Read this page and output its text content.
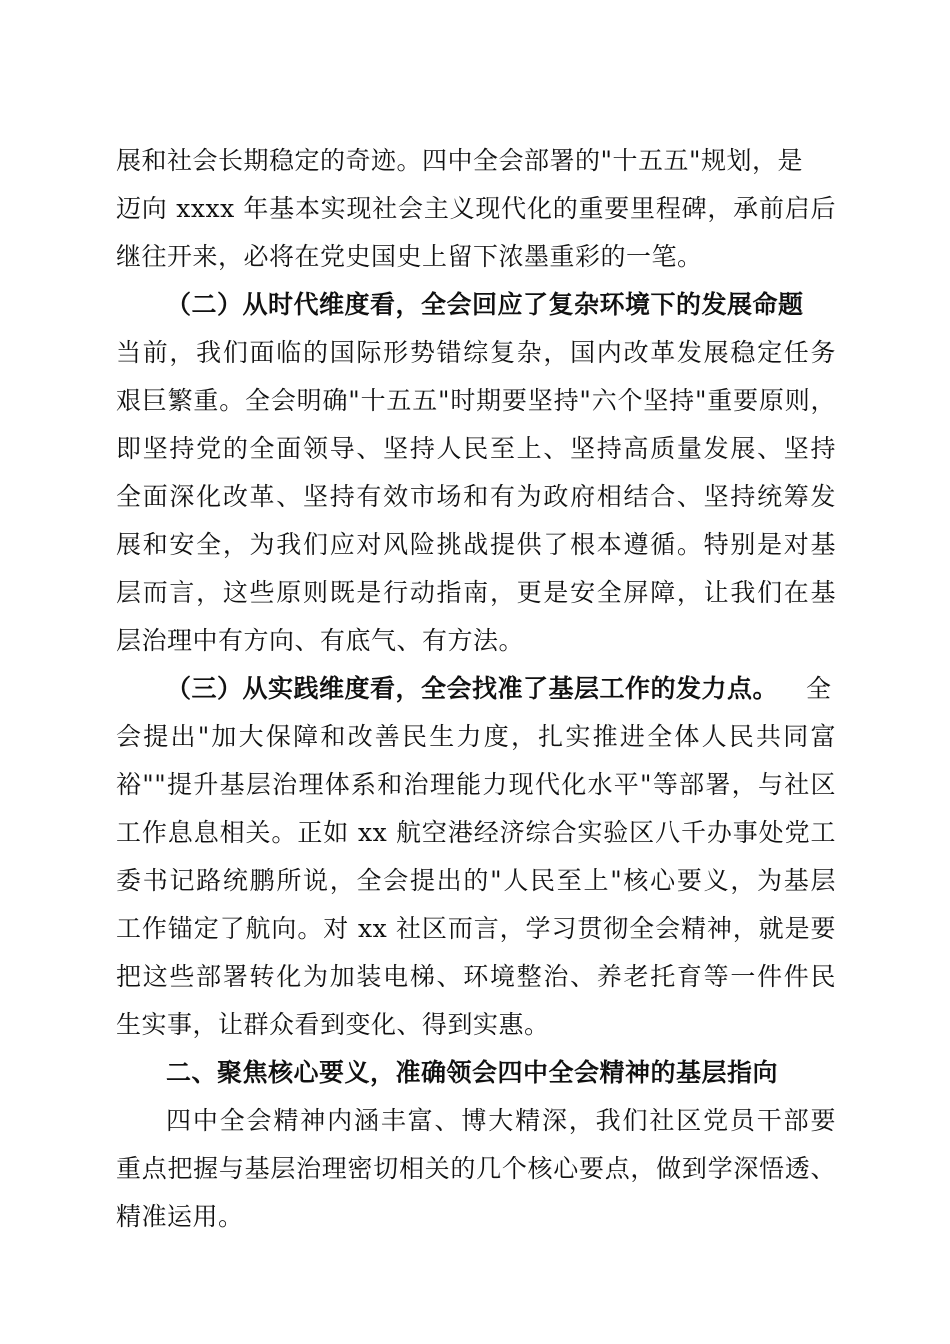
展和社会长期稳定的奇迹。四中全会部署的"十五五"规划，是
迈向 xxxx 年基本实现社会主义现代化的重要里程碑，承前启后
继往开来，必将在党史国史上留下浓墨重彩的一笔。
（二）从时代维度看，全会回应了复杂环境下的发展命题
当前，我们面临的国际形势错综复杂，国内改革发展稳定任务
艰巨繁重。全会明确"十五五"时期要坚持"六个坚持"重要原则，
即坚持党的全面领导、坚持人民至上、坚持高质量发展、坚持
全面深化改革、坚持有效市场和有为政府相结合、坚持统筹发
展和安全，为我们应对风险挑战提供了根本遵循。特别是对基
层而言，这些原则既是行动指南，更是安全屏障，让我们在基
层治理中有方向、有底气、有方法。
（三）从实践维度看，全会找准了基层工作的发力点。 全
会提出"加大保障和改善民生力度，扎实推进全体人民共同富
裕""提升基层治理体系和治理能力现代化水平"等部署，与社区
工作息息相关。正如 xx 航空港经济综合实验区八千办事处党工
委书记路统鹏所说，全会提出的"人民至上"核心要义，为基层
工作锚定了航向。对 xx 社区而言，学习贯彻全会精神，就是要
把这些部署转化为加装电梯、环境整治、养老托育等一件件民
生实事，让群众看到变化、得到实惠。
二、聚焦核心要义，准确领会四中全会精神的基层指向
四中全会精神内涵丰富、博大精深，我们社区党员干部要
重点把握与基层治理密切相关的几个核心要点，做到学深悟透、
精准运用。
